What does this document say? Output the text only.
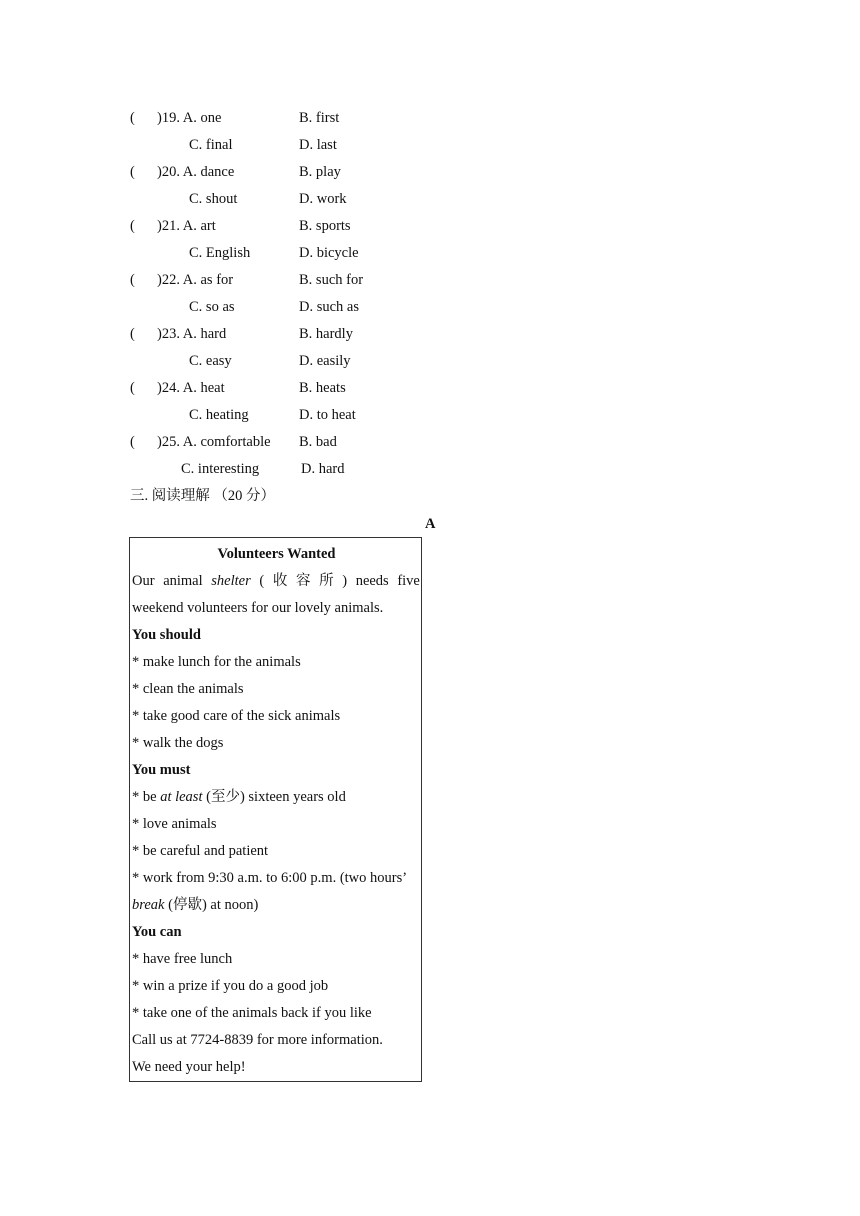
( )19. A. one	B. first
C. final	D. last
( )20. A. dance	B. play
C. shout	D. work
( )21. A. art	B. sports
C. English	D. bicycle
( )22. A. as for	B. such for
C. so as	D. such as
( )23. A. hard	B. hardly
C. easy	D. easily
( )24. A. heat	B. heats
C. heating	D. to heat
( )25. A. comfortable B. bad
C. interesting	D. hard
三. 阅读理解 （20 分）
A
Volunteers Wanted
Our animal shelter ( 收 容 所 ) needs five
weekend volunteers for our lovely animals.
You should
* make lunch for the animals
* clean the animals
* take good care of the sick animals
* walk the dogs
You must
* be at least (至少) sixteen years old
* love animals
* be careful and patient
* work from 9:30 a.m. to 6:00 p.m. (two hours’
break (停歇) at noon)
You can
* have free lunch
* win a prize if you do a good job
* take one of the animals back if you like
Call us at 7724-8839 for more information.
We need your help!
